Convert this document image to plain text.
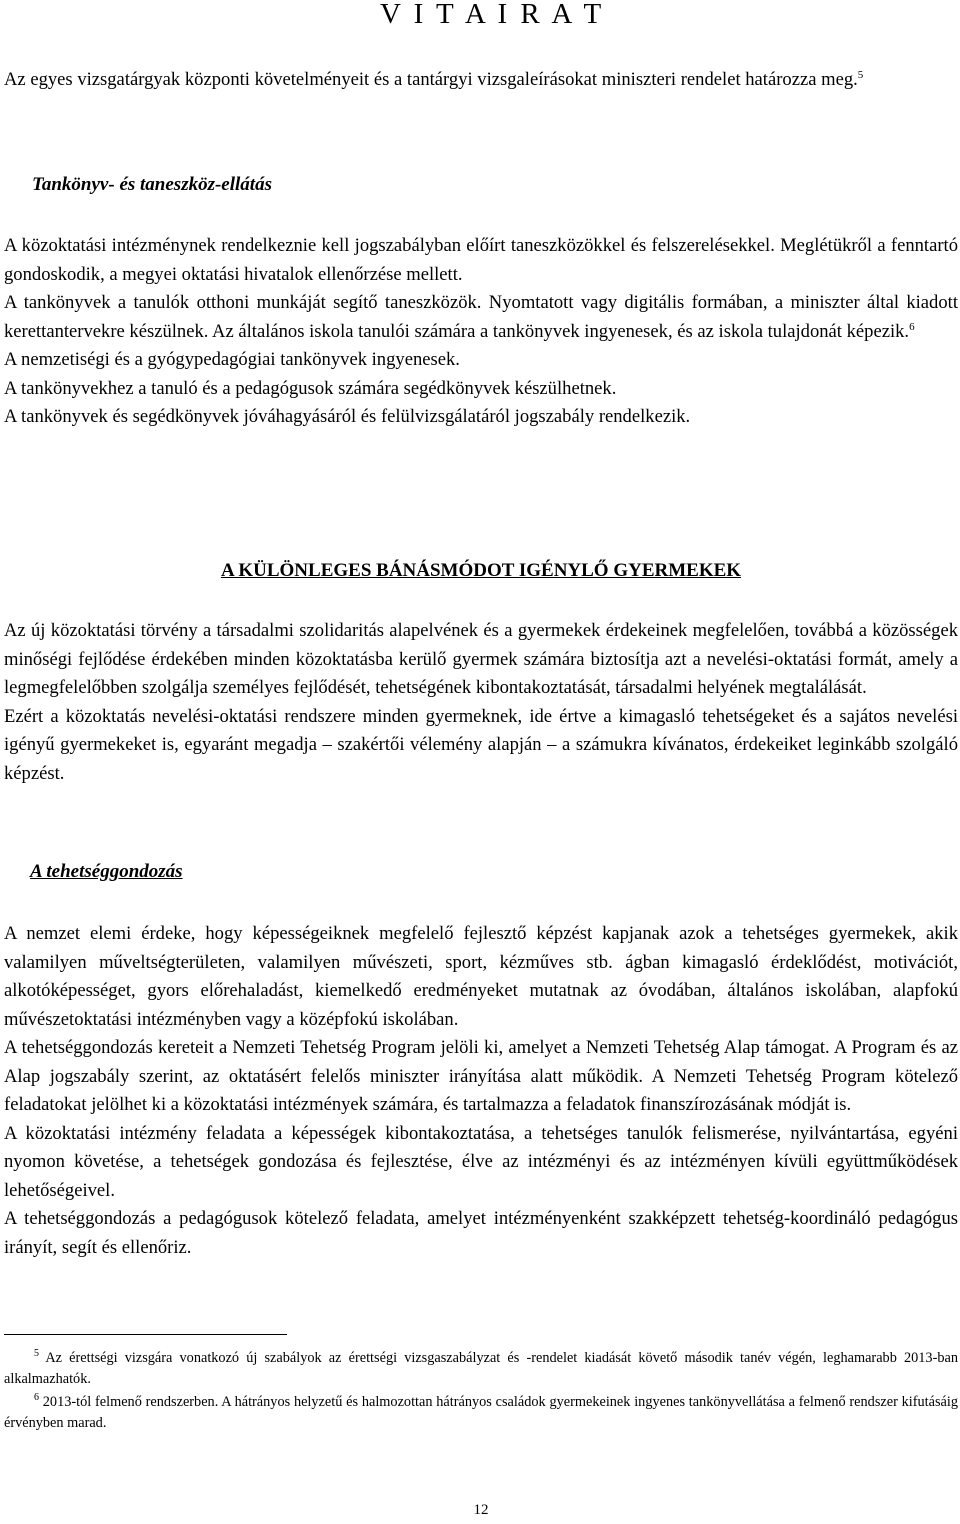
V I T A I R A T

Az egyes vizsgatárgyak központi követelményeit és a tantárgyi vizsgaleírásokat miniszteri rendelet határozza meg.$^5$

Tankönyv- és taneszköz-ellátás

A közoktatási intézménynek rendelkeznie kell jogszabályban előírt taneszközökkel és felszerelésekkel. Meglétükről a fenntartó gondoskodik, a megyei oktatási hivatalok ellenőrzése mellett.

A tankönyvek a tanulók otthoni munkáját segítő taneszközök. Nyomtatott vagy digitális formában, a miniszter által kiadott kerettantervekre készülnek. Az általános iskola tanulói számára a tankönyvek ingyenesek, és az iskola tulajdonát képezik.$^6$

A nemzetiségi és a gyógypedagógiai tankönyvek ingyenesek.

A tankönyvekhez a tanuló és a pedagógusok számára segédkönyvek készülhetnek.

A tankönyvek és segédkönyvek jóváhagyásáról és felülvizsgálatáról jogszabály rendelkezik.

A KÜLÖNLEGES BÁNÁSMÓDOT IGÉNYLŐ GYERMEKEK

Az új közoktatási törvény a társadalmi szolidaritás alapelvének és a gyermekek érdekeinek megfelelően, továbbá a közösségek minőségi fejlődése érdekében minden közoktatásba kerülő gyermek számára biztosítja azt a nevelési-oktatási formát, amely a legmegfelelőbben szolgálja személyes fejlődését, tehetségének kibontakoztatását, társadalmi helyének megtalálását.

Ezért a közoktatás nevelési-oktatási rendszere minden gyermeknek, ide értve a kimagasló tehetségeket és a sajátos nevelési igényű gyermekeket is, egyaránt megadja – szakértői vélemény alapján – a számukra kívánatos, érdekeiket leginkább szolgáló képzést.

A tehetséggondozás

A nemzet elemi érdeke, hogy képességeiknek megfelelő fejlesztő képzést kapjanak azok a tehetséges gyermekek, akik valamilyen műveltségterületen, valamilyen művészeti, sport, kézműves stb. ágban kimagasló érdeklődést, motivációt, alkotóképességet, gyors előrehaladást, kiemelkedő eredményeket mutatnak az óvodában, általános iskolában, alapfokú művészetoktatási intézményben vagy a középfokú iskolában.

A tehetséggondozás kereteit a Nemzeti Tehetség Program jelöli ki, amelyet a Nemzeti Tehetség Alap támogat. A Program és az Alap jogszabály szerint, az oktatásért felelős miniszter irányítása alatt működik. A Nemzeti Tehetség Program kötelező feladatokat jelölhet ki a közoktatási intézmények számára, és tartalmazza a feladatok finanszírozásának módját is.

A közoktatási intézmény feladata a képességek kibontakoztatása, a tehetséges tanulók felismerése, nyilvántartása, egyéni nyomon követése, a tehetségek gondozása és fejlesztése, élve az intézményi és az intézményen kívüli együttműködések lehetőségeivel.

A tehetséggondozás a pedagógusok kötelező feladata, amelyet intézményenként szakképzett tehetség-koordináló pedagógus irányít, segít és ellenőriz.

$^5$ Az érettségi vizsgára vonatkozó új szabályok az érettségi vizsgaszabályzat és -rendelet kiadását követő második tanév végén, leghamarabb 2013-ban alkalmazhatók.
$^6$ 2013-tól felmenő rendszerben. A hátrányos helyzetű és halmozottan hátrányos családok gyermekeinek ingyenes tankönyvellátása a felmenő rendszer kifutásáig érvényben marad.
12
